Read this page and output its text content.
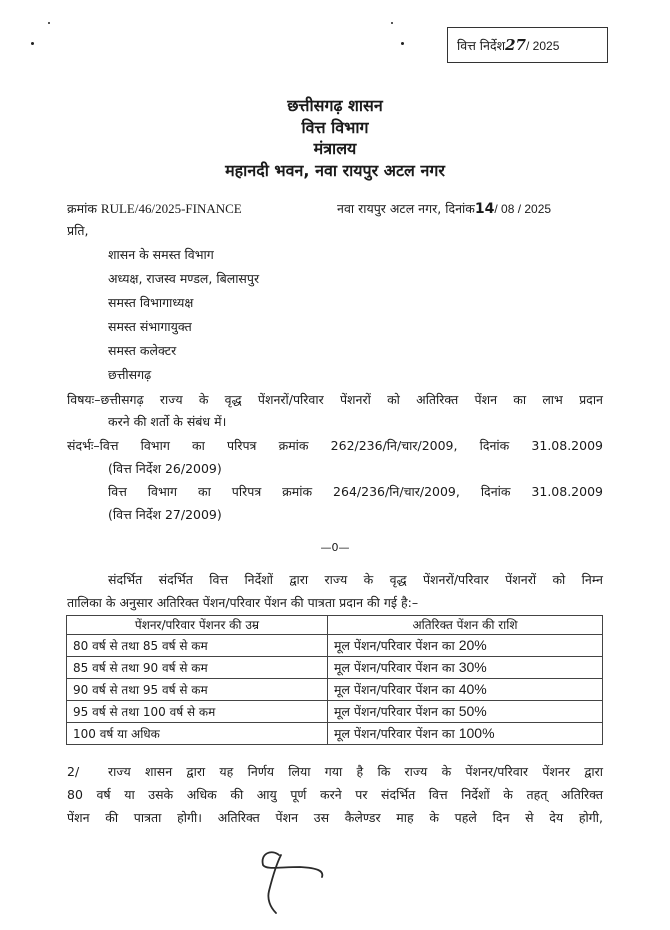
वित्त निर्देश27/ 2025
छत्तीसगढ़ शासन
वित्त विभाग
मंत्रालय
महानदी भवन, नवा रायपुर अटल नगर
क्रमांक RULE/46/2025-FINANCE	नवा रायपुर अटल नगर, दिनांक14/ 08 / 2025
प्रति,
शासन के समस्त विभाग
अध्यक्ष, राजस्व मण्डल, बिलासपुर
समस्त विभागाध्यक्ष
समस्त संभागायुक्त
समस्त कलेक्टर
छत्तीसगढ़
विषयः–छत्तीसगढ़ राज्य के वृद्ध पेंशनरों/परिवार पेंशनरों को अतिरिक्त पेंशन का लाभ प्रदान
करने की शर्तो के संबंध में।
संदर्भः–वित्त विभाग का परिपत्र क्रमांक 262/236/नि/चार/2009, दिनांक 31.08.2009
(वित्त निर्देश 26/2009)
वित्त विभाग का परिपत्र क्रमांक 264/236/नि/चार/2009, दिनांक 31.08.2009
(वित्त निर्देश 27/2009)
—0—
संदर्भित संदर्भित वित्त निर्देशों द्वारा राज्य के वृद्ध पेंशनरों/परिवार पेंशनरों को निम्न
तालिका के अनुसार अतिरिक्त पेंशन/परिवार पेंशन की पात्रता प्रदान की गई है:–
पेंशनर/परिवार पेंशनर की उम्र	अतिरिक्त पेंशन की राशि
80 वर्ष से तथा 85 वर्ष से कम	मूल पेंशन/परिवार पेंशन का 20%
85 वर्ष से तथा 90 वर्ष से कम	मूल पेंशन/परिवार पेंशन का 30%
90 वर्ष से तथा 95 वर्ष से कम	मूल पेंशन/परिवार पेंशन का 40%
95 वर्ष से तथा 100 वर्ष से कम	मूल पेंशन/परिवार पेंशन का 50%
100 वर्ष या अधिक	मूल पेंशन/परिवार पेंशन का 100%
2/ राज्य शासन द्वारा यह निर्णय लिया गया है कि राज्य के पेंशनर/परिवार पेंशनर द्वारा
80 वर्ष या उसके अधिक की आयु पूर्ण करने पर संदर्भित वित्त निर्देशों के तहत् अतिरिक्त
पेंशन की पात्रता होगी। अतिरिक्त पेंशन उस कैलेण्डर माह के पहले दिन से देय होगी,
